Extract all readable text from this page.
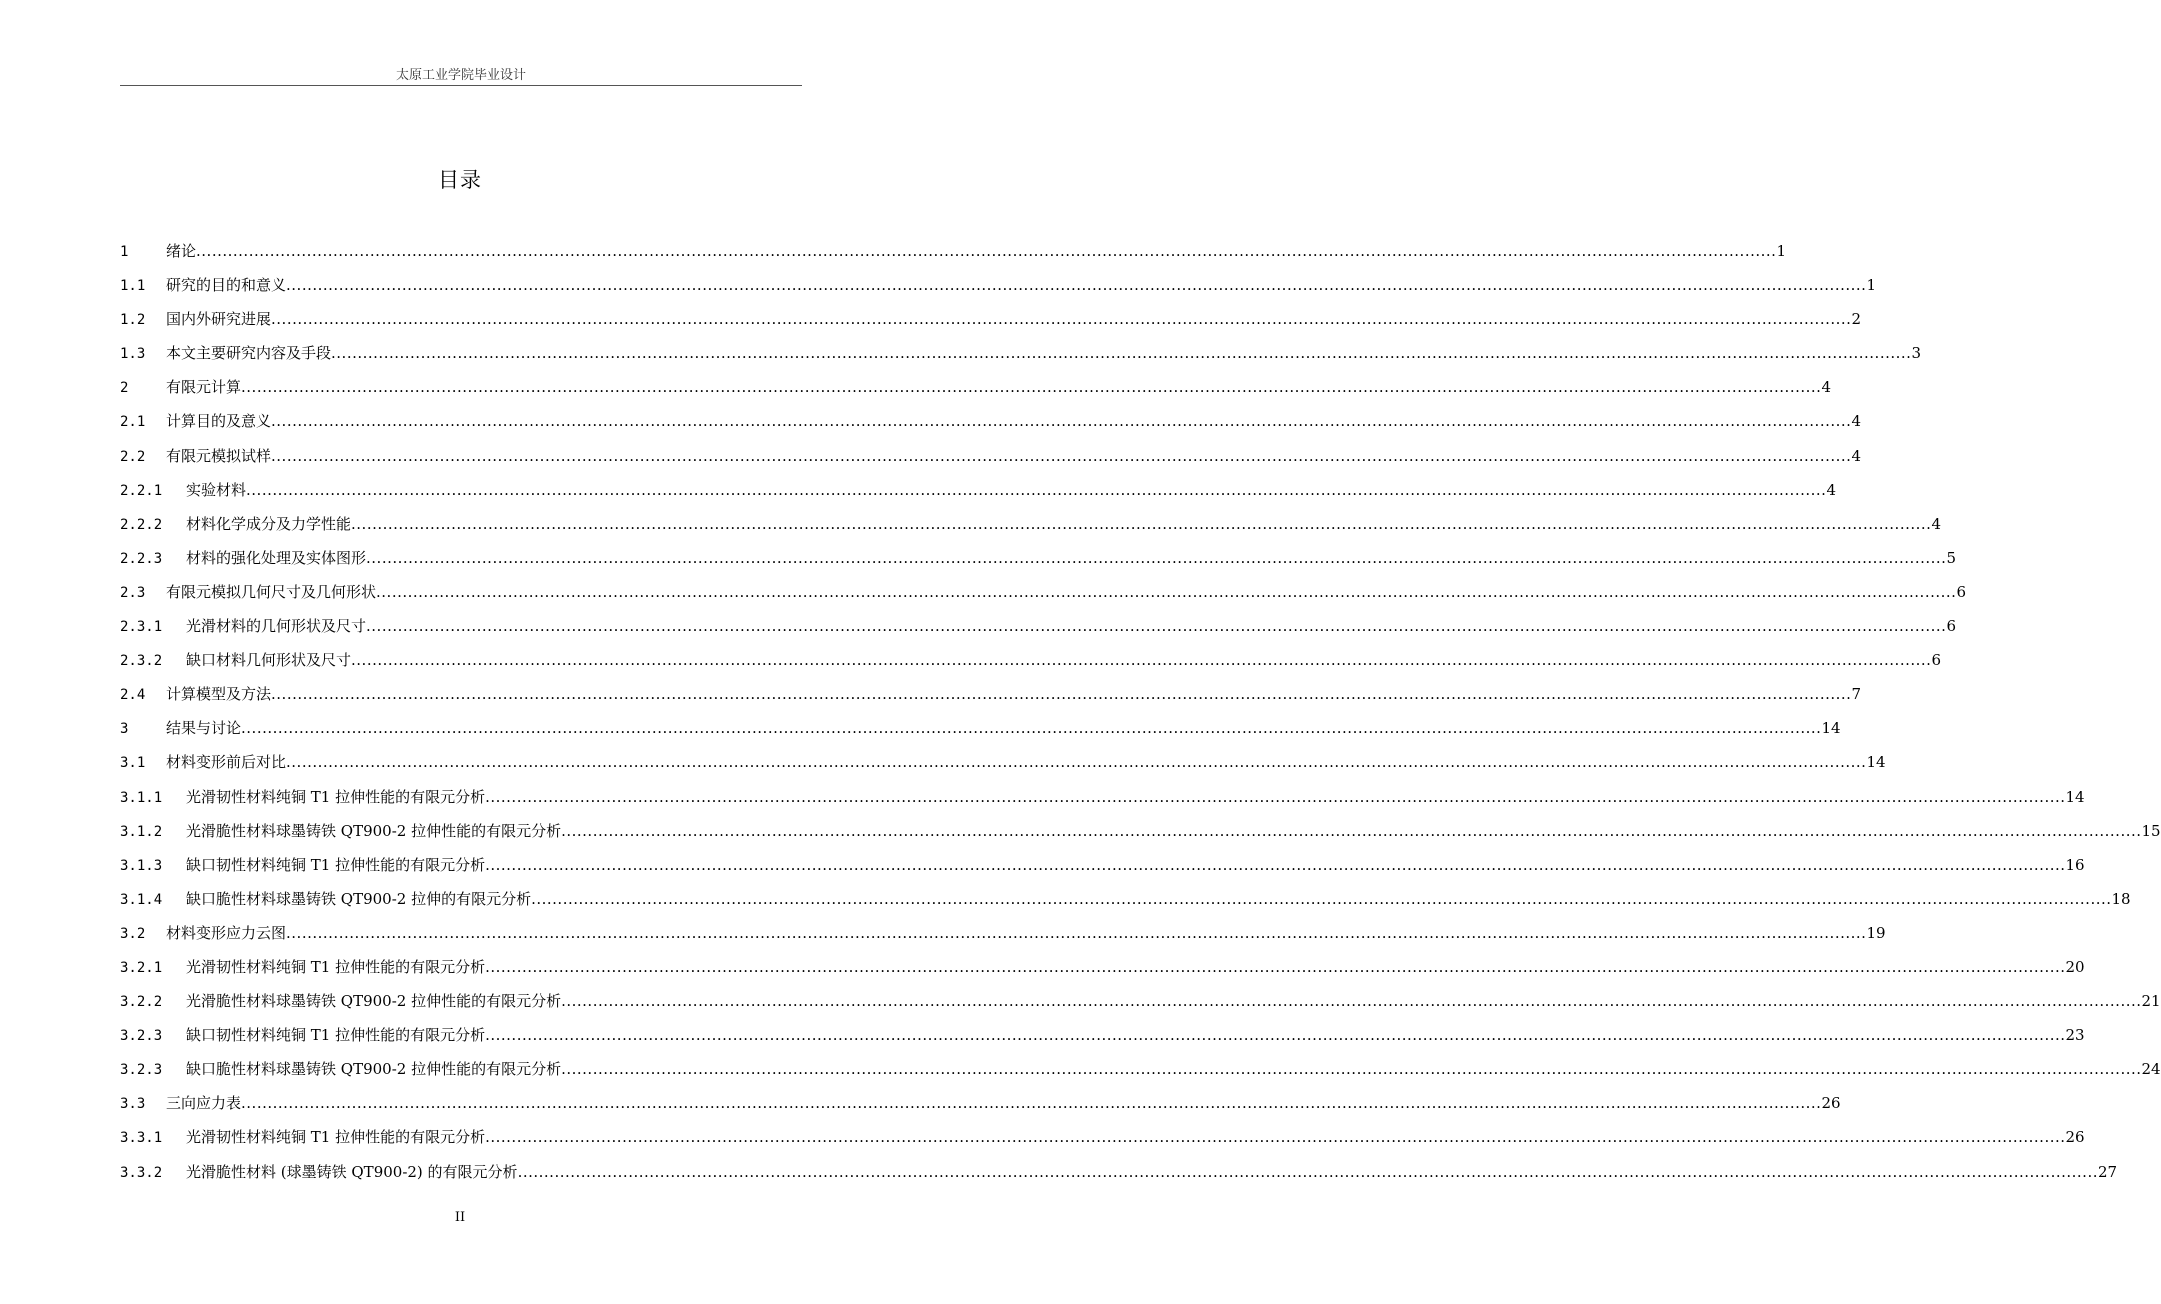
太原工业学院毕业设计
目录
1	绪论 ............................................................................................................................................................................................................................................................................................................ 1
1.1	研究的目的和意义 ............................................................................................................................................................................................................................................................................................................ 1
1.2	国内外研究进展 ............................................................................................................................................................................................................................................................................................................ 2
1.3	本文主要研究内容及手段 ............................................................................................................................................................................................................................................................................................................ 3
2	有限元计算 ............................................................................................................................................................................................................................................................................................................ 4
2.1	计算目的及意义 ............................................................................................................................................................................................................................................................................................................ 4
2.2	有限元模拟试样 ............................................................................................................................................................................................................................................................................................................ 4
2.2.1	实验材料 ............................................................................................................................................................................................................................................................................................................ 4
2.2.2	材料化学成分及力学性能 ............................................................................................................................................................................................................................................................................................................ 4
2.2.3	材料的强化处理及实体图形 ............................................................................................................................................................................................................................................................................................................ 5
2.3	有限元模拟几何尺寸及几何形状 ............................................................................................................................................................................................................................................................................................................ 6
2.3.1	光滑材料的几何形状及尺寸 ............................................................................................................................................................................................................................................................................................................ 6
2.3.2	缺口材料几何形状及尺寸 ............................................................................................................................................................................................................................................................................................................ 6
2.4	计算模型及方法 ............................................................................................................................................................................................................................................................................................................ 7
3	结果与讨论 ............................................................................................................................................................................................................................................................................................................ 14
3.1	材料变形前后对比 ............................................................................................................................................................................................................................................................................................................ 14
3.1.1	光滑韧性材料纯铜 T1 拉伸性能的有限元分析 ............................................................................................................................................................................................................................................................................................................ 14
3.1.2	光滑脆性材料球墨铸铁 QT900-2 拉伸性能的有限元分析 ............................................................................................................................................................................................................................................................................................................ 15
3.1.3	缺口韧性材料纯铜 T1 拉伸性能的有限元分析 ............................................................................................................................................................................................................................................................................................................ 16
3.1.4	缺口脆性材料球墨铸铁 QT900-2 拉伸的有限元分析 ............................................................................................................................................................................................................................................................................................................ 18
3.2	材料变形应力云图 ............................................................................................................................................................................................................................................................................................................ 19
3.2.1	光滑韧性材料纯铜 T1 拉伸性能的有限元分析 ............................................................................................................................................................................................................................................................................................................ 20
3.2.2	光滑脆性材料球墨铸铁 QT900-2 拉伸性能的有限元分析 ............................................................................................................................................................................................................................................................................................................ 21
3.2.3	缺口韧性材料纯铜 T1 拉伸性能的有限元分析 ............................................................................................................................................................................................................................................................................................................ 23
3.2.3	缺口脆性材料球墨铸铁 QT900-2 拉伸性能的有限元分析 ............................................................................................................................................................................................................................................................................................................ 24
3.3	三向应力表 ............................................................................................................................................................................................................................................................................................................ 26
3.3.1	光滑韧性材料纯铜 T1 拉伸性能的有限元分析 ............................................................................................................................................................................................................................................................................................................ 26
3.3.2	光滑脆性材料 (球墨铸铁 QT900-2) 的有限元分析 ............................................................................................................................................................................................................................................................................................................ 27
II
